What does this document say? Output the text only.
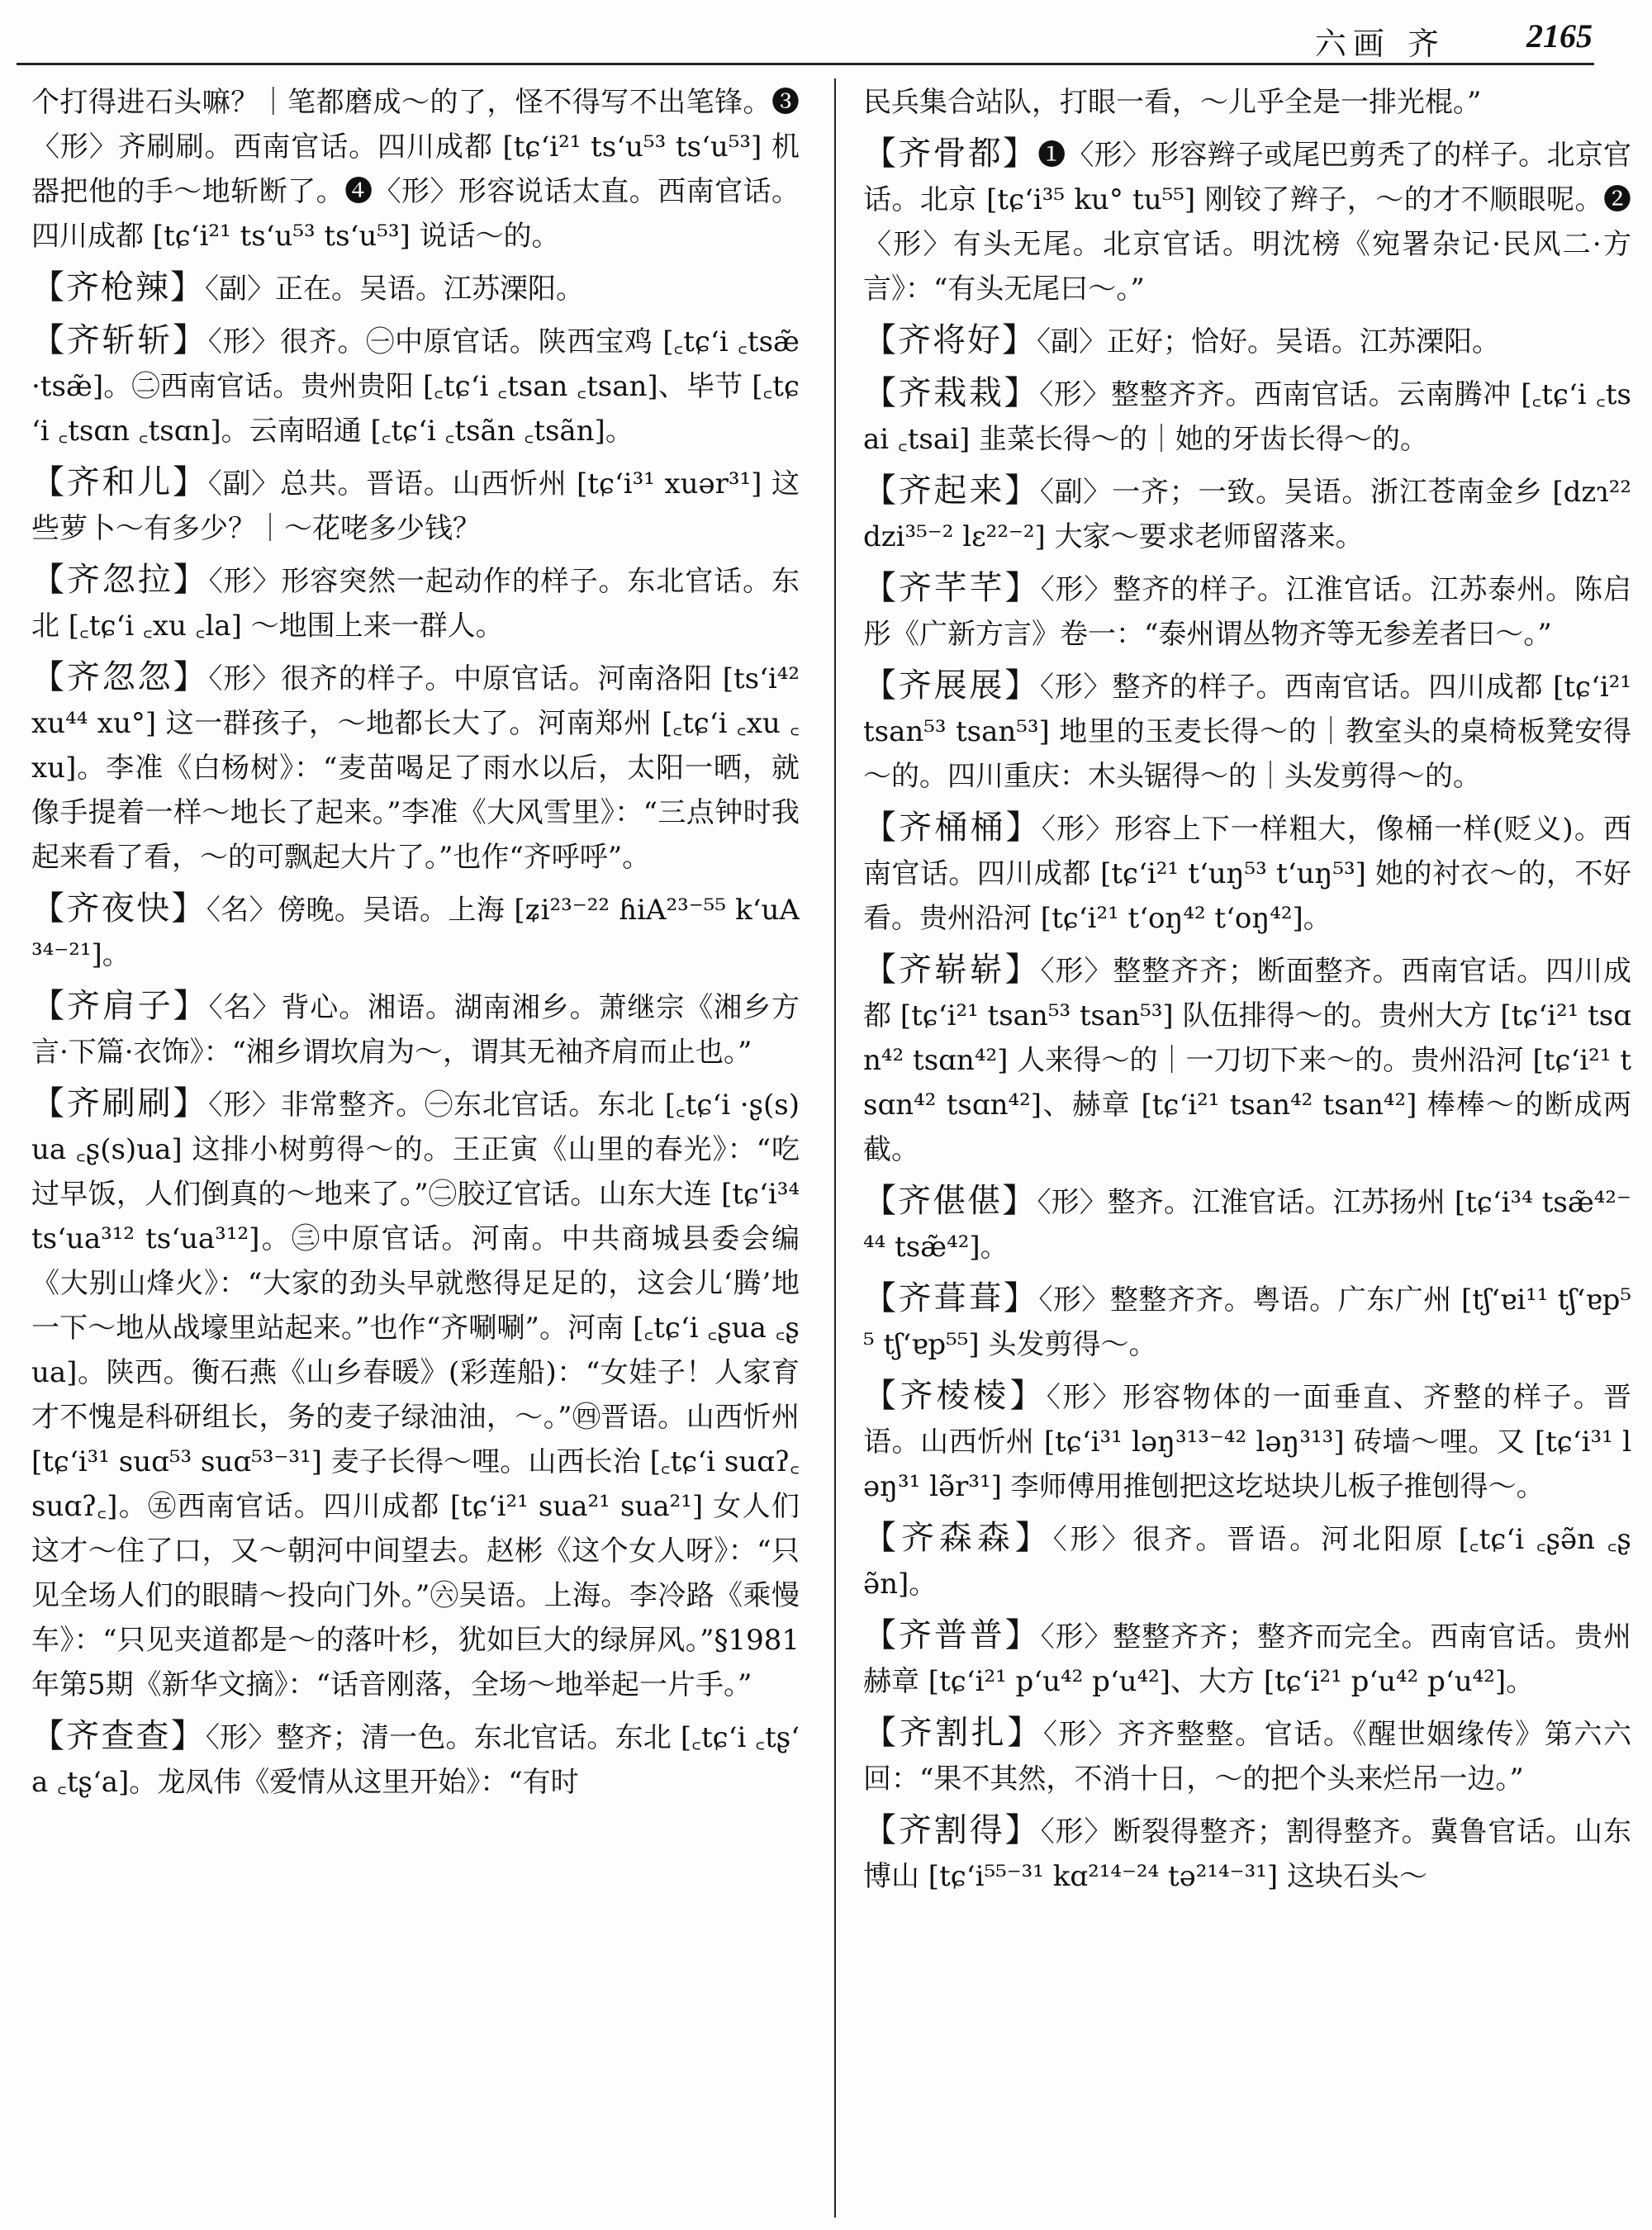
六画 齐 2165

个打得进石头嘛？｜笔都磨成～的了，怪不得写不出笔锋。❸〈形〉齐刷刷。西南官话。四川成都 [tɕʻi²¹ tsʻu⁵³ tsʻu⁵³] 机器把他的手～地斩断了。❹〈形〉形容说话太直。西南官话。四川成都 [tɕʻi²¹ tsʻu⁵³ tsʻu⁵³] 说话～的。

【齐枪辣】〈副〉正在。吴语。江苏溧阳。

【齐斩斩】〈形〉很齐。㊀中原官话。陕西宝鸡 [꜀tɕʻi ꜀tsæ̃ ·tsæ̃]。㊁西南官话。贵州贵阳 [꜀tɕʻi ꜀tsan ꜀tsan]、毕节 [꜀tɕʻi ꜀tsɑn ꜀tsɑn]。云南昭通 [꜀tɕʻi ꜀tsãn ꜀tsãn]。

【齐和儿】〈副〉总共。晋语。山西忻州 [tɕʻi³¹ xuər³¹] 这些萝卜～有多少？｜～花咾多少钱？

【齐忽拉】〈形〉形容突然一起动作的样子。东北官话。东北 [꜀tɕʻi ꜀xu ꜀la] ～地围上来一群人。

【齐忽忽】〈形〉很齐的样子。中原官话。河南洛阳 [tsʻi⁴² xu⁴⁴ xu°] 这一群孩子，～地都长大了。河南郑州 [꜀tɕʻi ꜀xu ꜀xu]。李准《白杨树》：“麦苗喝足了雨水以后，太阳一晒，就像手提着一样～地长了起来。”李准《大风雪里》：“三点钟时我起来看了看，～的可飘起大片了。”也作“齐呼呼”。

【齐夜快】〈名〉傍晚。吴语。上海 [ʑi²³⁻²² ɦiA²³⁻⁵⁵ kʻuA³⁴⁻²¹]。

【齐肩子】〈名〉背心。湘语。湖南湘乡。萧继宗《湘乡方言·下篇·衣饰》：“湘乡谓坎肩为～，谓其无袖齐肩而止也。”

【齐刷刷】〈形〉非常整齐。㊀东北官话。东北 [꜀tɕʻi ·ʂ(s)ua ꜀ʂ(s)ua] 这排小树剪得～的。王正寅《山里的春光》：“吃过早饭，人们倒真的～地来了。”㊁胶辽官话。山东大连 [tɕʻi³⁴ tsʻua³¹² tsʻua³¹²]。㊂中原官话。河南。中共商城县委会编《大别山烽火》：“大家的劲头早就憋得足足的，这会儿‘腾’地一下～地从战壕里站起来。”也作“齐唰唰”。河南 [꜀tɕʻi ꜀ʂua ꜀ʂua]。陕西。衡石燕《山乡春暖》(彩莲船)：“女娃子！人家育才不愧是科研组长，务的麦子绿油油，～。”㊃晋语。山西忻州 [tɕʻi³¹ suɑ⁵³ suɑ⁵³⁻³¹] 麦子长得～哩。山西长治 [꜀tɕʻi suɑʔ꜀ suɑʔ꜀]。㊄西南官话。四川成都 [tɕʻi²¹ sua²¹ sua²¹] 女人们这才～住了口，又～朝河中间望去。赵彬《这个女人呀》：“只见全场人们的眼睛～投向门外。”㊅吴语。上海。李冷路《乘慢车》：“只见夹道都是～的落叶杉，犹如巨大的绿屏风。”§1981年第5期《新华文摘》：“话音刚落，全场～地举起一片手。”

【齐查查】〈形〉整齐；清一色。东北官话。东北 [꜀tɕʻi ꜀tʂʻa ꜀tʂʻa]。龙凤伟《爱情从这里开始》：“有时

民兵集合站队，打眼一看，～儿乎全是一排光棍。”

【齐骨都】❶〈形〉形容辫子或尾巴剪秃了的样子。北京官话。北京 [tɕʻi³⁵ ku° tu⁵⁵] 刚铰了辫子，～的才不顺眼呢。❷〈形〉有头无尾。北京官话。明沈榜《宛署杂记·民风二·方言》：“有头无尾曰～。”

【齐将好】〈副〉正好；恰好。吴语。江苏溧阳。

【齐栽栽】〈形〉整整齐齐。西南官话。云南腾冲 [꜀tɕʻi ꜀tsai ꜀tsai] 韭菜长得～的｜她的牙齿长得～的。

【齐起来】〈副〉一齐；一致。吴语。浙江苍南金乡 [dzɿ²² dzi³⁵⁻² lɛ²²⁻²] 大家～要求老师留落来。

【齐芊芊】〈形〉整齐的样子。江淮官话。江苏泰州。陈启彤《广新方言》卷一：“泰州谓丛物齐等无参差者曰～。”

【齐展展】〈形〉整齐的样子。西南官话。四川成都 [tɕʻi²¹ tsan⁵³ tsan⁵³] 地里的玉麦长得～的｜教室头的桌椅板凳安得～的。四川重庆：木头锯得～的｜头发剪得～的。

【齐桶桶】〈形〉形容上下一样粗大，像桶一样(贬义)。西南官话。四川成都 [tɕʻi²¹ tʻuŋ⁵³ tʻuŋ⁵³] 她的衬衣～的，不好看。贵州沿河 [tɕʻi²¹ tʻoŋ⁴² tʻoŋ⁴²]。

【齐崭崭】〈形〉整整齐齐；断面整齐。西南官话。四川成都 [tɕʻi²¹ tsan⁵³ tsan⁵³] 队伍排得～的。贵州大方 [tɕʻi²¹ tsɑn⁴² tsɑn⁴²] 人来得～的｜一刀切下来～的。贵州沿河 [tɕʻi²¹ tsɑn⁴² tsɑn⁴²]、赫章 [tɕʻi²¹ tsan⁴² tsan⁴²] 棒棒～的断成两截。

【齐偡偡】〈形〉整齐。江淮官话。江苏扬州 [tɕʻi³⁴ tsæ̃⁴²⁻⁴⁴ tsæ̃⁴²]。

【齐葺葺】〈形〉整整齐齐。粤语。广东广州 [tʃʻɐi¹¹ tʃʻɐp⁵⁵ tʃʻɐp⁵⁵] 头发剪得～。

【齐棱棱】〈形〉形容物体的一面垂直、齐整的样子。晋语。山西忻州 [tɕʻi³¹ ləŋ³¹³⁻⁴² ləŋ³¹³] 砖墙～哩。又 [tɕʻi³¹ ləŋ³¹ lə̃r³¹] 李师傅用推刨把这圪垯块儿板子推刨得～。

【齐森森】〈形〉很齐。晋语。河北阳原 [꜀tɕʻi ꜀ʂə̃n ꜀ʂə̃n]。

【齐普普】〈形〉整整齐齐；整齐而完全。西南官话。贵州赫章 [tɕʻi²¹ pʻu⁴² pʻu⁴²]、大方 [tɕʻi²¹ pʻu⁴² pʻu⁴²]。

【齐割扎】〈形〉齐齐整整。官话。《醒世姻缘传》第六六回：“果不其然，不消十日，～的把个头来烂吊一边。”

【齐割得】〈形〉断裂得整齐；割得整齐。冀鲁官话。山东博山 [tɕʻi⁵⁵⁻³¹ kɑ²¹⁴⁻²⁴ tə²¹⁴⁻³¹] 这块石头～
